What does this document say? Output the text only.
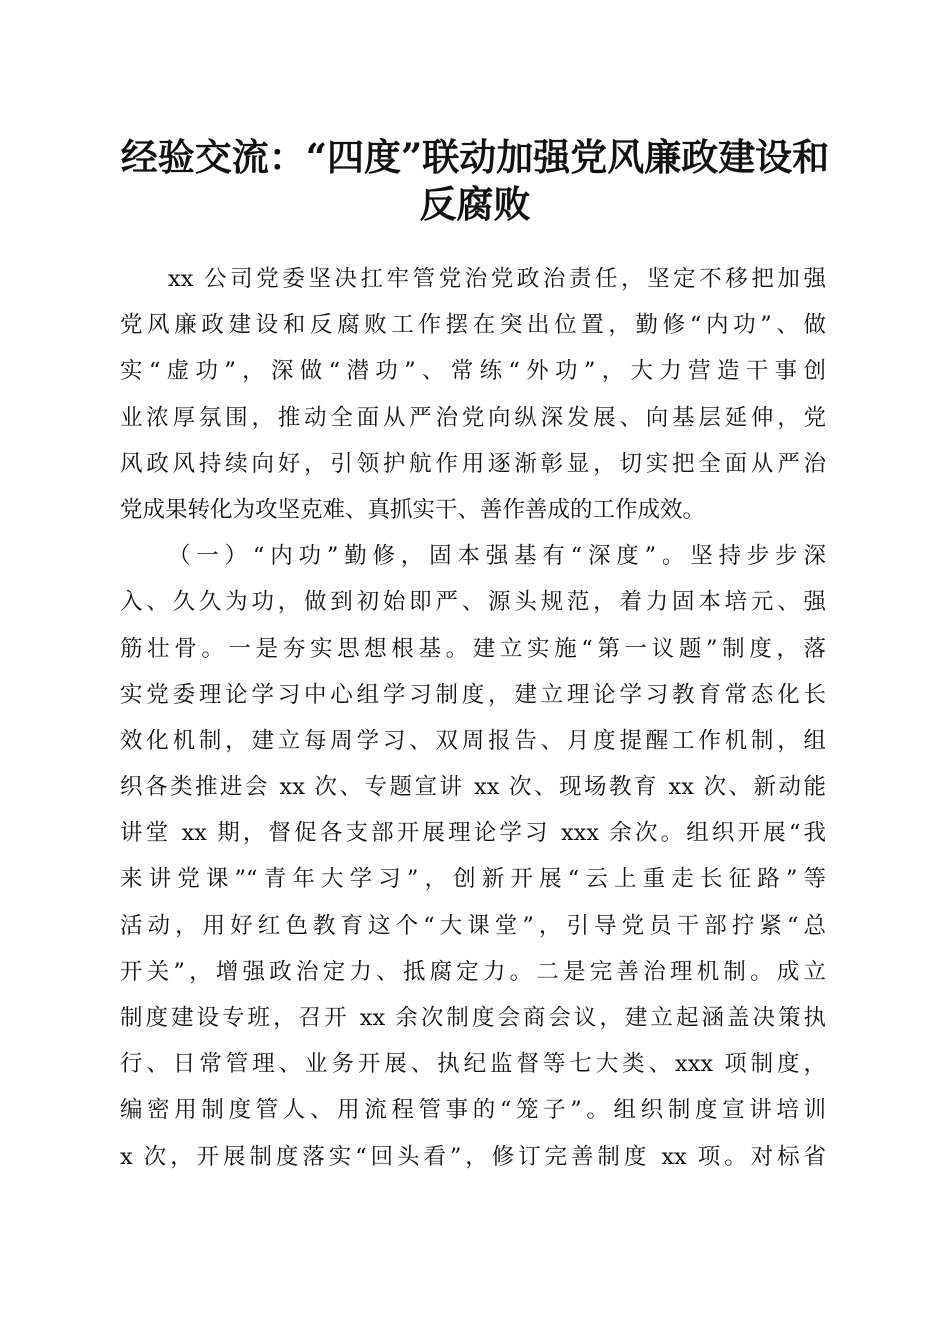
经验交流：“四度”联动加强党风廉政建设和
反腐败
xx 公司党委坚决扛牢管党治党政治责任，坚定不移把加强
党风廉政建设和反腐败工作摆在突出位置，勤修“内功”、做
实“虚功”，深做“潜功”、常练“外功”，大力营造干事创
业浓厚氛围，推动全面从严治党向纵深发展、向基层延伸，党
风政风持续向好，引领护航作用逐渐彰显，切实把全面从严治
党成果转化为攻坚克难、真抓实干、善作善成的工作成效。
（一）“内功”勤修，固本强基有“深度”。坚持步步深
入、久久为功，做到初始即严、源头规范，着力固本培元、强
筋壮骨。一是夯实思想根基。建立实施“第一议题”制度，落
实党委理论学习中心组学习制度，建立理论学习教育常态化长
效化机制，建立每周学习、双周报告、月度提醒工作机制，组
织各类推进会 xx 次、专题宣讲 xx 次、现场教育 xx 次、新动能
讲堂 xx 期，督促各支部开展理论学习 xxx 余次。组织开展“我
来讲党课”“青年大学习”，创新开展“云上重走长征路”等
活动，用好红色教育这个“大课堂”，引导党员干部拧紧“总
开关”，增强政治定力、抵腐定力。二是完善治理机制。成立
制度建设专班，召开 xx 余次制度会商会议，建立起涵盖决策执
行、日常管理、业务开展、执纪监督等七大类、xxx 项制度，
编密用制度管人、用流程管事的“笼子”。组织制度宣讲培训
x 次，开展制度落实“回头看”，修订完善制度 xx 项。对标省
